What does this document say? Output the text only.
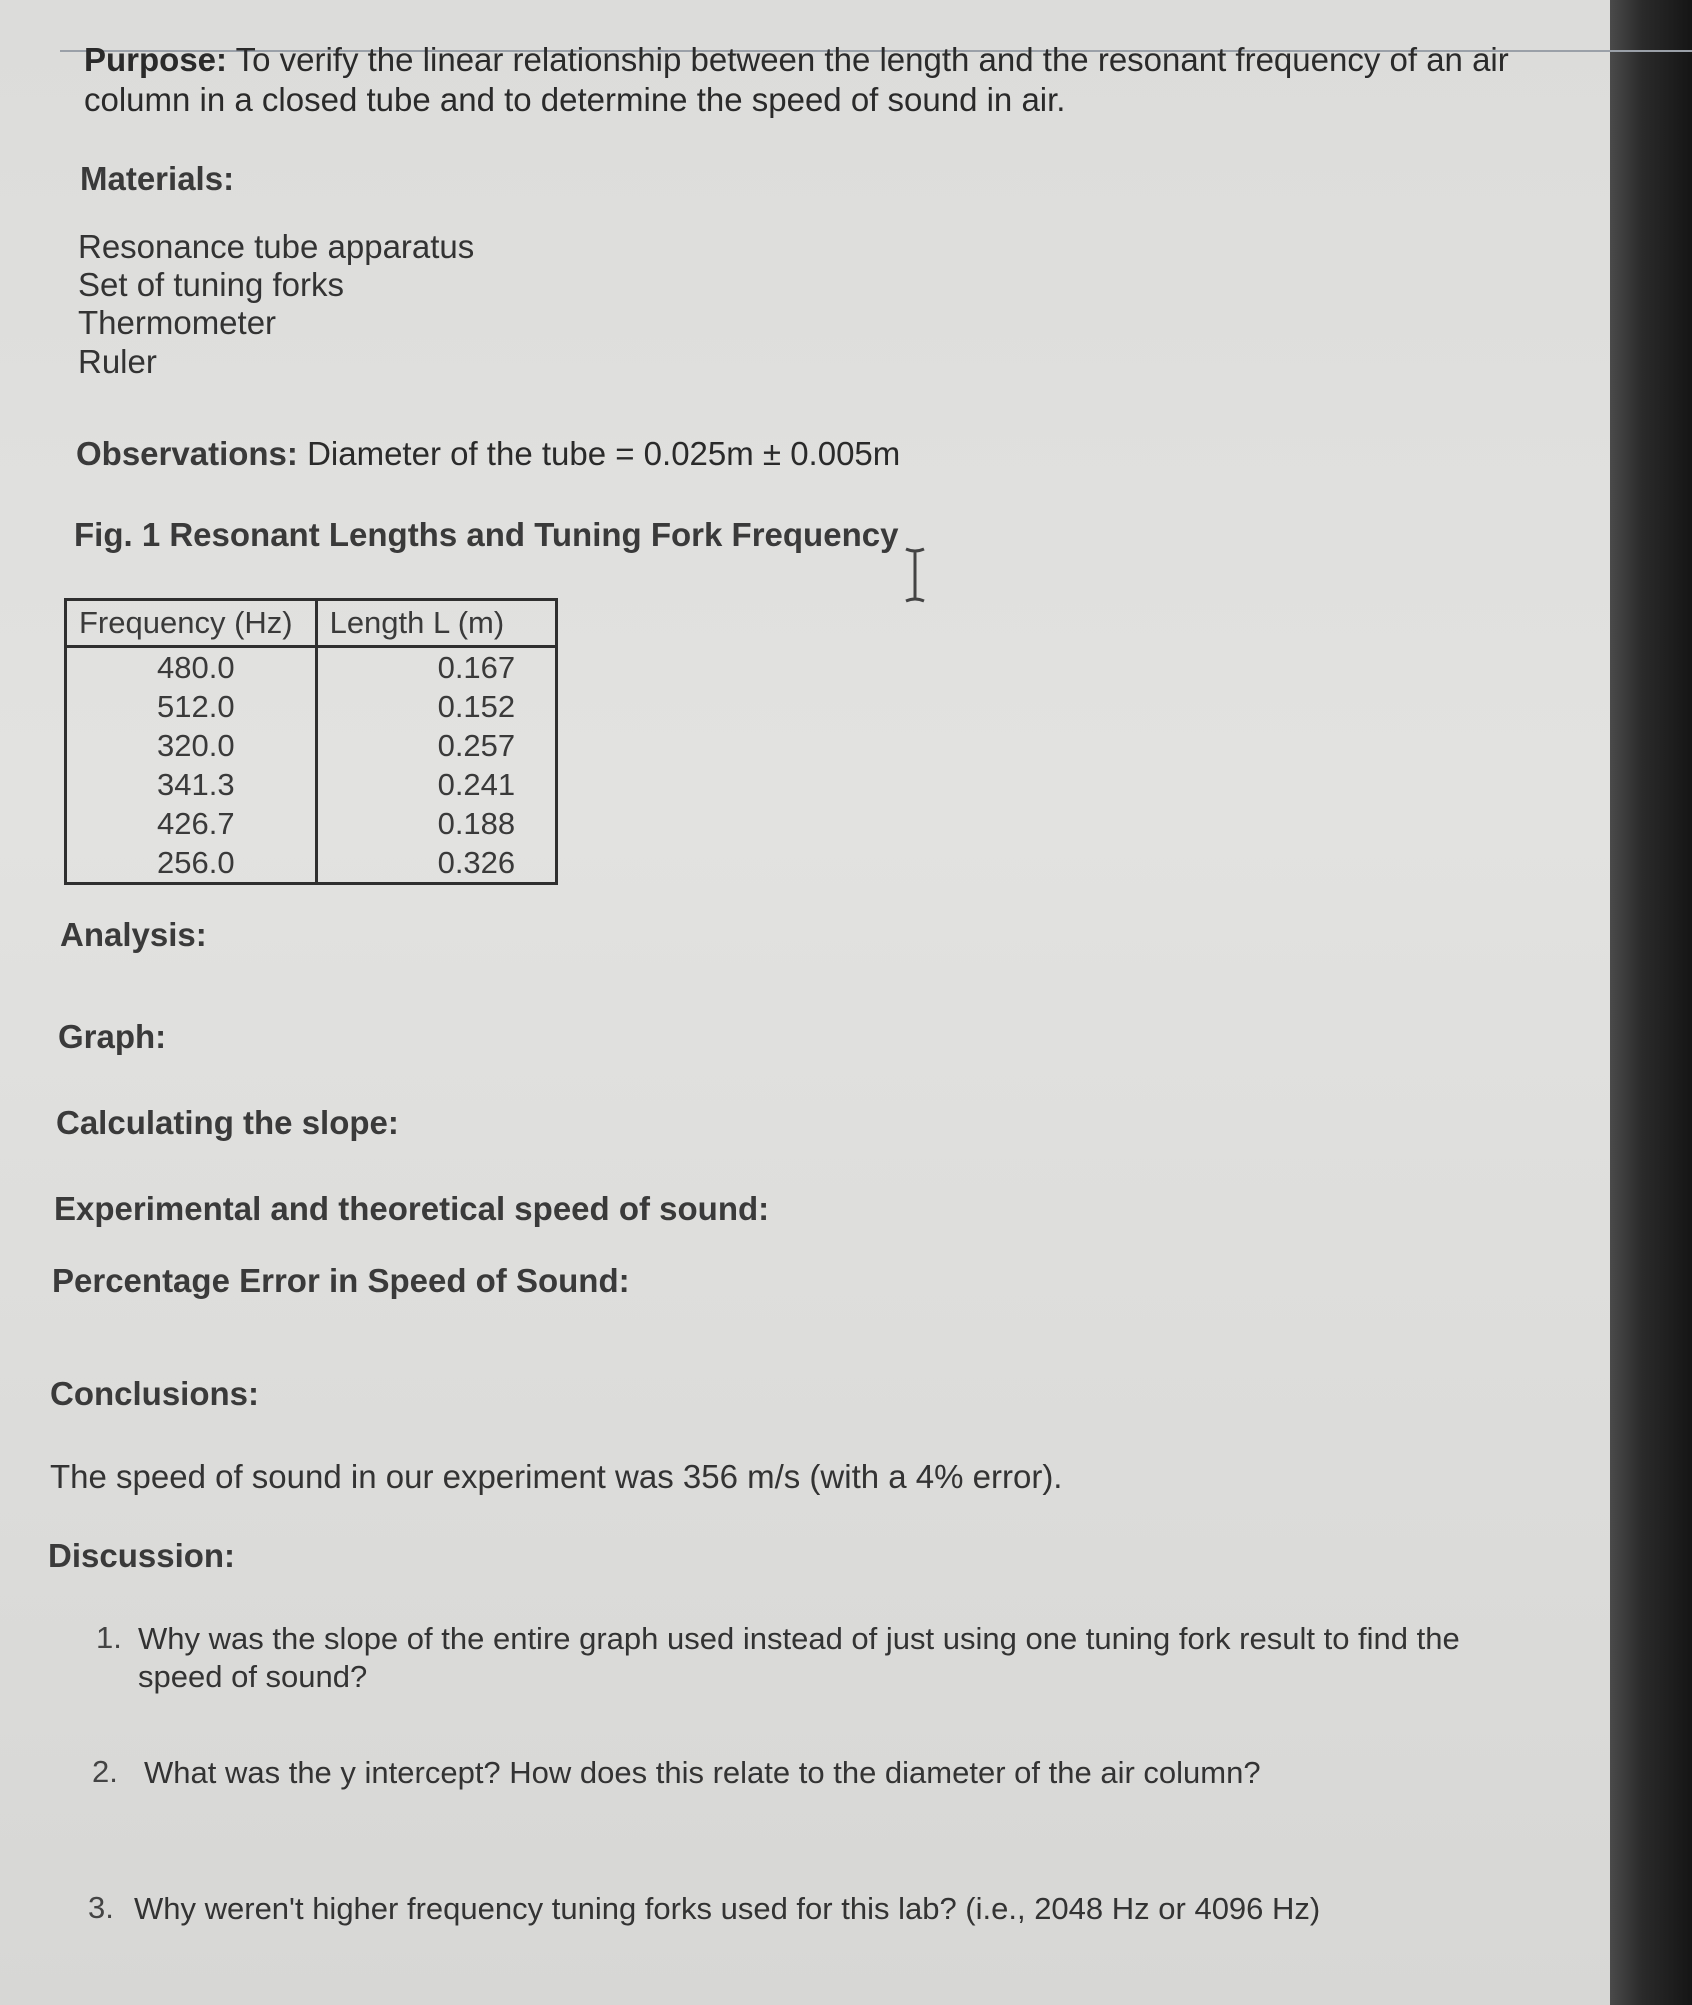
Purpose: To verify the linear relationship between the length and the resonant frequency of an air column in a closed tube and to determine the speed of sound in air.
Materials:
Resonance tube apparatus
Set of tuning forks
Thermometer
Ruler
Observations: Diameter of the tube = 0.025m ± 0.005m
Fig. 1 Resonant Lengths and Tuning Fork Frequency
Frequency (Hz)	Length L (m)
480.0	0.167
512.0	0.152
320.0	0.257
341.3	0.241
426.7	0.188
256.0	0.326
Analysis:
Graph:
Calculating the slope:
Experimental and theoretical speed of sound:
Percentage Error in Speed of Sound:
Conclusions:
The speed of sound in our experiment was 356 m/s (with a 4% error).
Discussion:
1. Why was the slope of the entire graph used instead of just using one tuning fork result to find the speed of sound?
2. What was the y intercept? How does this relate to the diameter of the air column?
3. Why weren't higher frequency tuning forks used for this lab? (i.e., 2048 Hz or 4096 Hz)
